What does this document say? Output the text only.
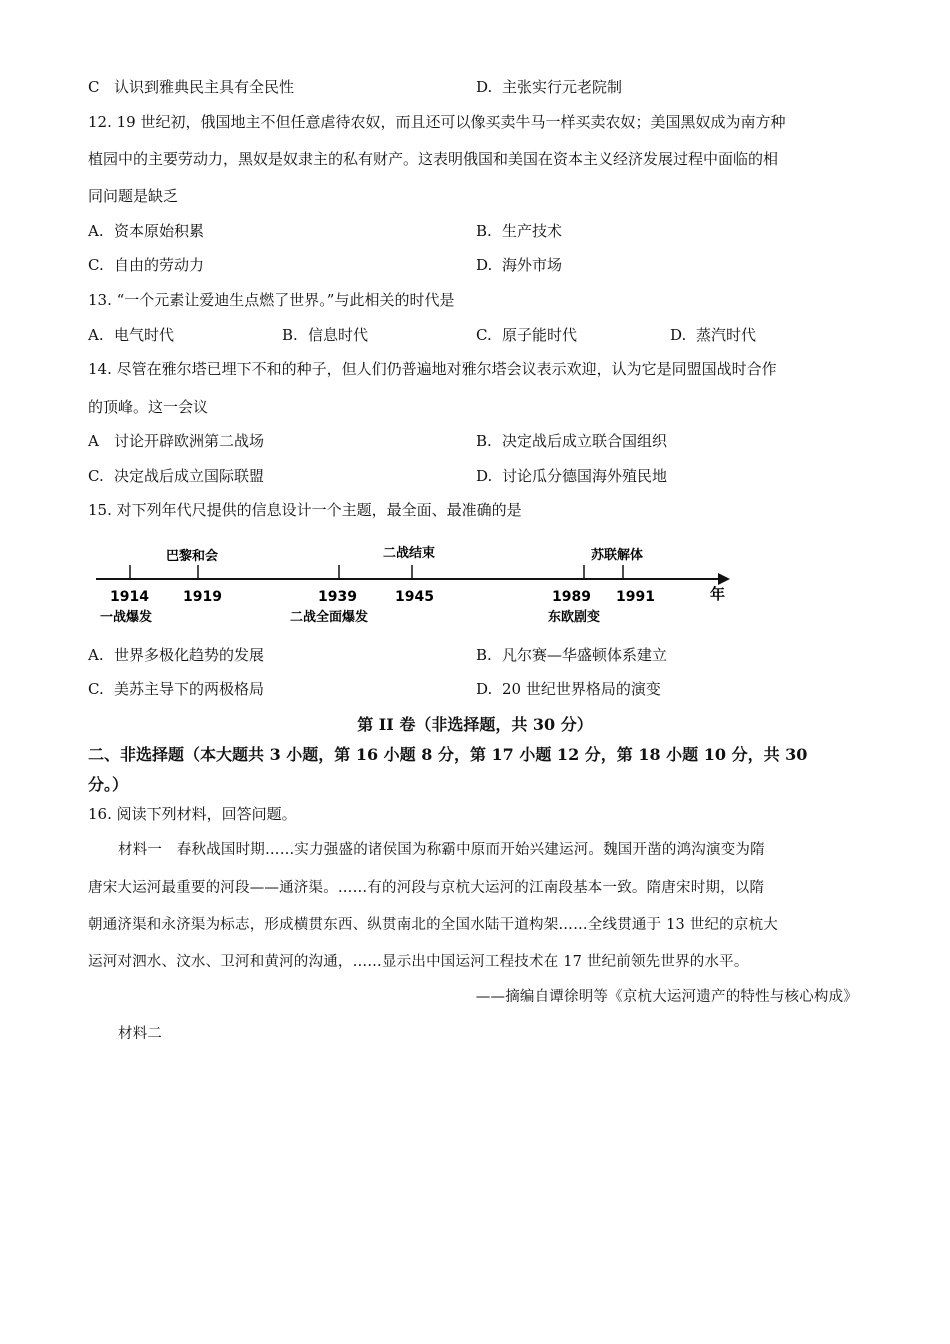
C 认识到雅典民主具有全民性	D. 主张实行元老院制
12. 19 世纪初，俄国地主不但任意虐待农奴，而且还可以像买卖牛马一样买卖农奴；美国黑奴成为南方种
植园中的主要劳动力，黑奴是奴隶主的私有财产。这表明俄国和美国在资本主义经济发展过程中面临的相
同问题是缺乏
A. 资本原始积累	B. 生产技术
C. 自由的劳动力	D. 海外市场
13. “一个元素让爱迪生点燃了世界。”与此相关的时代是
A. 电气时代	B. 信息时代	C. 原子能时代	D. 蒸汽时代
14. 尽管在雅尔塔已埋下不和的种子，但人们仍普遍地对雅尔塔会议表示欢迎，认为它是同盟国战时合作
的顶峰。这一会议
A 讨论开辟欧洲第二战场	B. 决定战后成立联合国组织
C. 决定战后成立国际联盟	D. 讨论瓜分德国海外殖民地
15. 对下列年代尺提供的信息设计一个主题，最全面、最准确的是
年
1914
一战爆发
1919
巴黎和会
1939
二战全面爆发
1945
二战结束
1989
东欧剧变
1991
苏联解体
A. 世界多极化趋势的发展	B. 凡尔赛—华盛顿体系建立
C. 美苏主导下的两极格局	D. 20 世纪世界格局的演变
第 II 卷（非选择题，共 30 分）
二、非选择题（本大题共 3 小题，第 16 小题 8 分，第 17 小题 12 分，第 18 小题 10 分，共 30
分。）
16. 阅读下列材料，回答问题。
材料一　春秋战国时期……实力强盛的诸侯国为称霸中原而开始兴建运河。魏国开凿的鸿沟演变为隋
唐宋大运河最重要的河段——通济渠。……有的河段与京杭大运河的江南段基本一致。隋唐宋时期，以隋
朝通济渠和永济渠为标志，形成横贯东西、纵贯南北的全国水陆干道构架……全线贯通于 13 世纪的京杭大
运河对泗水、汶水、卫河和黄河的沟通，……显示出中国运河工程技术在 17 世纪前领先世界的水平。
——摘编自谭徐明等《京杭大运河遗产的特性与核心构成》
材料二
